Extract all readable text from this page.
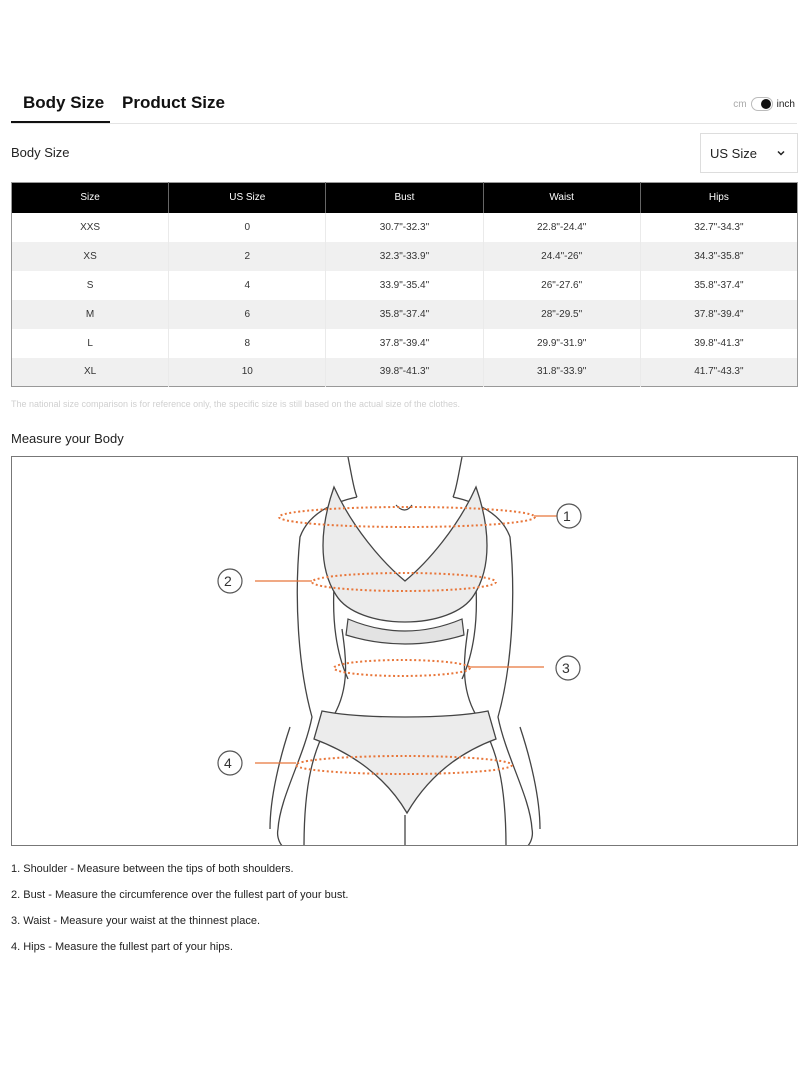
Body Size Product Size	cm	inch
Body Size	US Size
Size	US Size	Bust	Waist	Hips
XXS	0	30.7"-32.3"	22.8"-24.4"	32.7"-34.3"
XS	2	32.3"-33.9"	24.4"-26"	34.3"-35.8"
S	4	33.9"-35.4"	26"-27.6"	35.8"-37.4"
M	6	35.8"-37.4"	28"-29.5"	37.8"-39.4"
L	8	37.8"-39.4"	29.9"-31.9"	39.8"-41.3"
XL	10	39.8"-41.3"	31.8"-33.9"	41.7"-43.3"
The national size comparison is for reference only, the specific size is still based on the actual size of the clothes.
Measure your Body
1
2
3
4
1. Shoulder - Measure between the tips of both shoulders.
2. Bust - Measure the circumference over the fullest part of your bust.
3. Waist - Measure your waist at the thinnest place.
4. Hips - Measure the fullest part of your hips.
